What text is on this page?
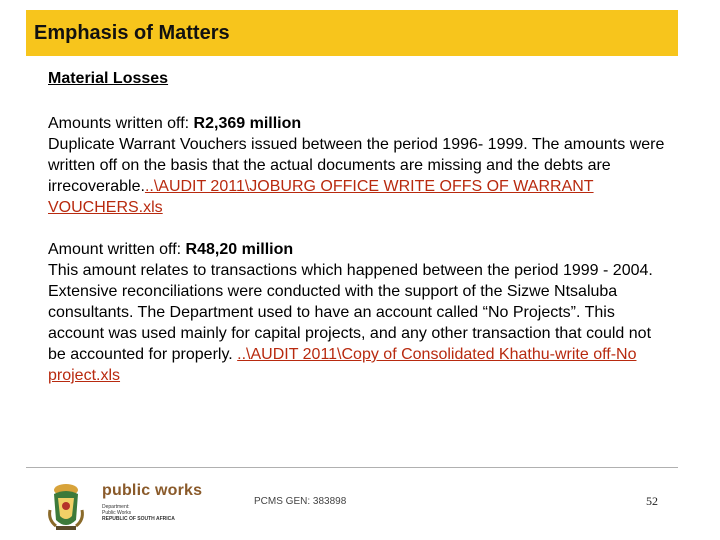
Emphasis of Matters

Material Losses

Amounts written off: R2,369 million

Duplicate Warrant Vouchers issued between the period 1996- 1999. The amounts were written off on the basis that the actual documents are missing and the debts are irrecoverable...\AUDIT 2011\JOBURG OFFICE WRITE OFFS OF WARRANT VOUCHERS.xls

Amount written off: R48,20 million

This amount relates to transactions which happened between the period 1999 - 2004. Extensive reconciliations were conducted with the support of the Sizwe Ntsaluba consultants. The Department used to have an account called “No Projects”. This account was used mainly for capital projects, and any other transaction that could not be accounted for properly. ..\AUDIT 2011\Copy of Consolidated Khathu-write off-No project.xls

public works
Department:
Public Works
REPUBLIC OF SOUTH AFRICA
PCMS GEN: 383898	52
